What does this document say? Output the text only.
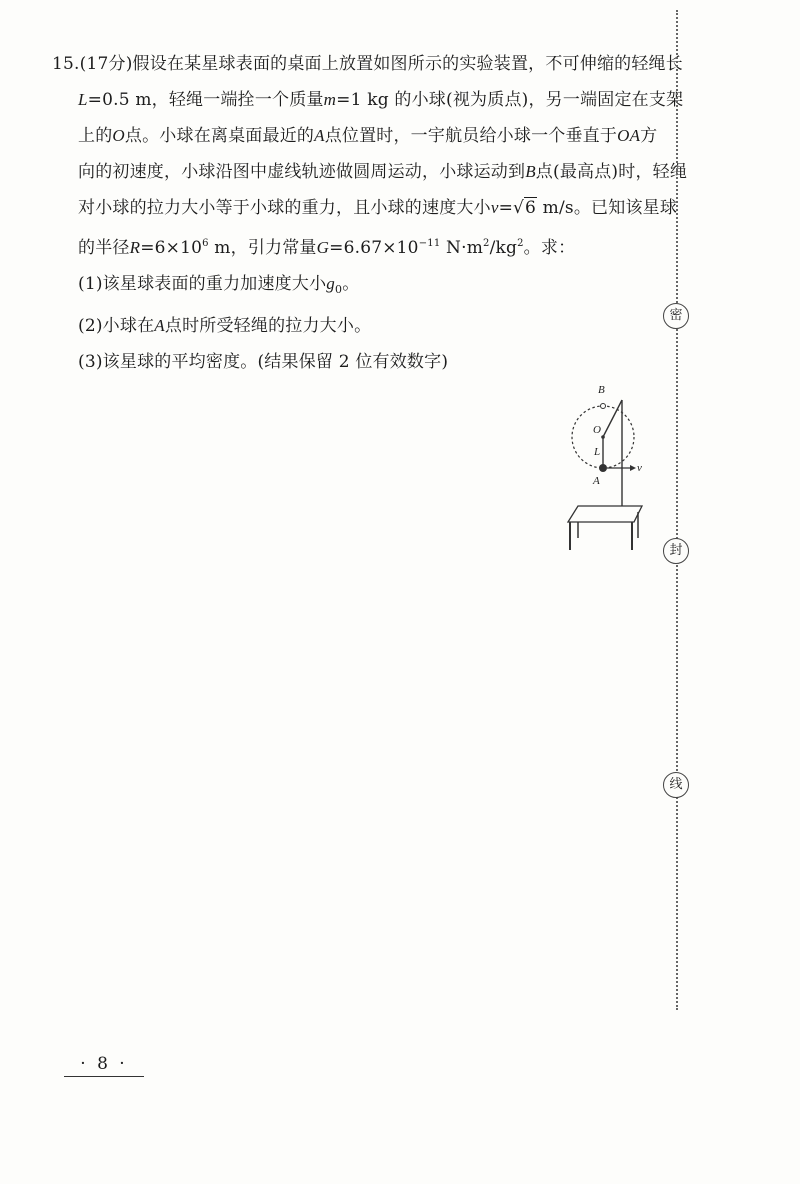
15.(17分)假设在某星球表面的桌面上放置如图所示的实验装置，不可伸缩的轻绳长
L=0.5 m，轻绳一端拴一个质量m=1 kg 的小球(视为质点)，另一端固定在支架
上的O点。小球在离桌面最近的A点位置时，一宇航员给小球一个垂直于OA方
向的初速度，小球沿图中虚线轨迹做圆周运动，小球运动到B点(最高点)时，轻绳
对小球的拉力大小等于小球的重力，且小球的速度大小v=√6 m/s。已知该星球
的半径$R=6\times 10^6$ m，引力常量$G=6.67\times 10^{-11}$ $N\cdot m^2/kg^2$。求：
(1)该星球表面的重力加速度大小$g_0$。
(2)小球在A点时所受轻绳的拉力大小。
(3)该星球的平均密度。(结果保留 2 位有效数字)
B
O
L
A
v
密
封
线
· 8 ·
